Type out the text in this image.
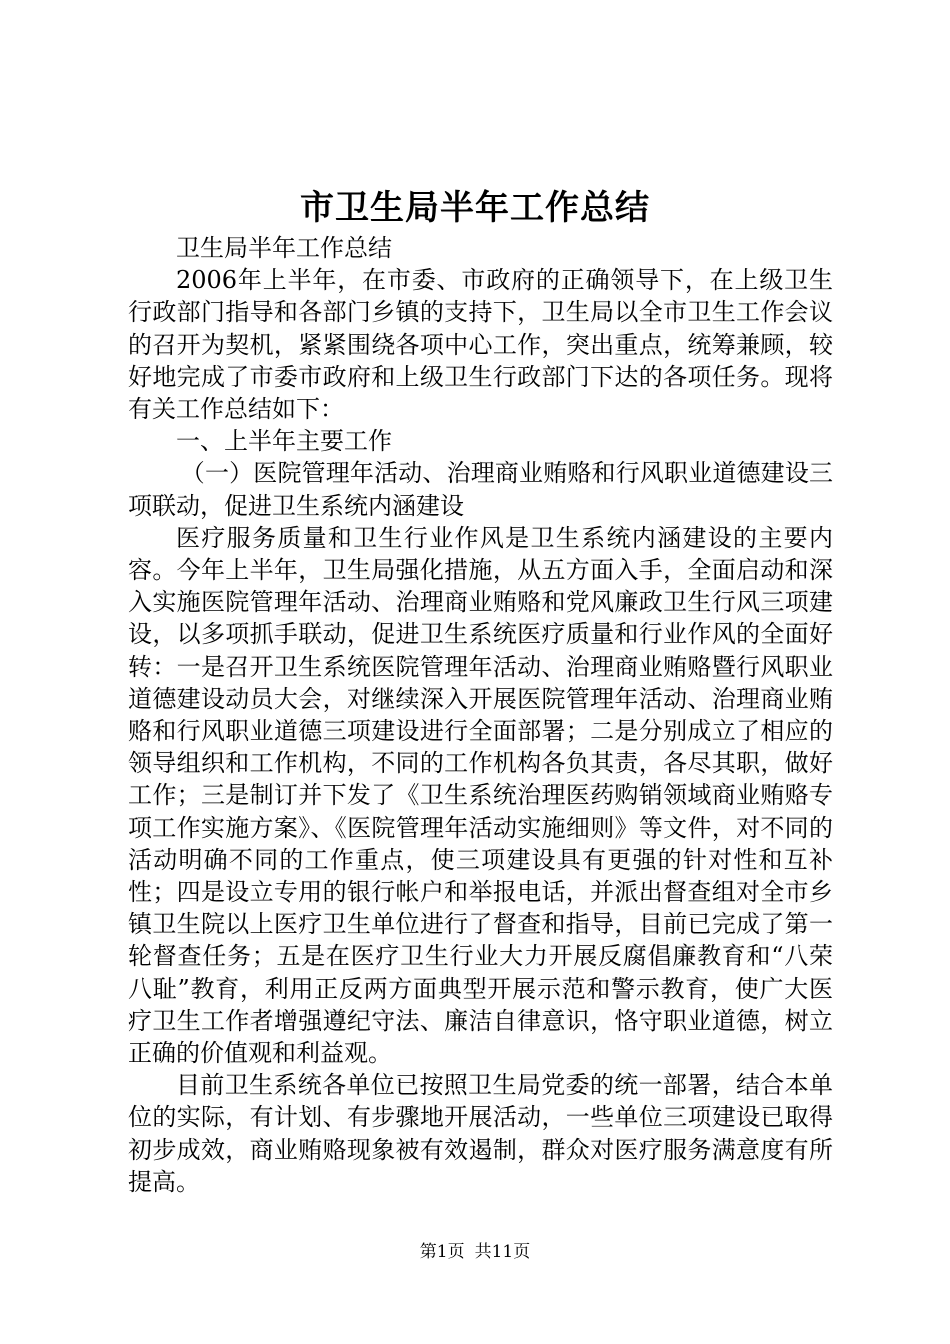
市卫生局半年工作总结

卫生局半年工作总结

2006年上半年，在市委、市政府的正确领导下，在上级卫生行政部门指导和各部门乡镇的支持下，卫生局以全市卫生工作会议的召开为契机，紧紧围绕各项中心工作，突出重点，统筹兼顾，较好地完成了市委市政府和上级卫生行政部门下达的各项任务。现将有关工作总结如下：

一、上半年主要工作

（一）医院管理年活动、治理商业贿赂和行风职业道德建设三项联动，促进卫生系统内涵建设

医疗服务质量和卫生行业作风是卫生系统内涵建设的主要内容。今年上半年，卫生局强化措施，从五方面入手，全面启动和深入实施医院管理年活动、治理商业贿赂和党风廉政卫生行风三项建设，以多项抓手联动，促进卫生系统医疗质量和行业作风的全面好转：一是召开卫生系统医院管理年活动、治理商业贿赂暨行风职业道德建设动员大会，对继续深入开展医院管理年活动、治理商业贿赂和行风职业道德三项建设进行全面部署；二是分别成立了相应的领导组织和工作机构，不同的工作机构各负其责，各尽其职，做好工作；三是制订并下发了《卫生系统治理医药购销领域商业贿赂专项工作实施方案》、《医院管理年活动实施细则》等文件，对不同的活动明确不同的工作重点，使三项建设具有更强的针对性和互补性；四是设立专用的银行帐户和举报电话，并派出督查组对全市乡镇卫生院以上医疗卫生单位进行了督查和指导，目前已完成了第一轮督查任务；五是在医疗卫生行业大力开展反腐倡廉教育和“八荣八耻”教育，利用正反两方面典型开展示范和警示教育，使广大医疗卫生工作者增强遵纪守法、廉洁自律意识，恪守职业道德，树立正确的价值观和利益观。

目前卫生系统各单位已按照卫生局党委的统一部署，结合本单位的实际，有计划、有步骤地开展活动，一些单位三项建设已取得初步成效，商业贿赂现象被有效遏制，群众对医疗服务满意度有所提高。

第1页 共11页
